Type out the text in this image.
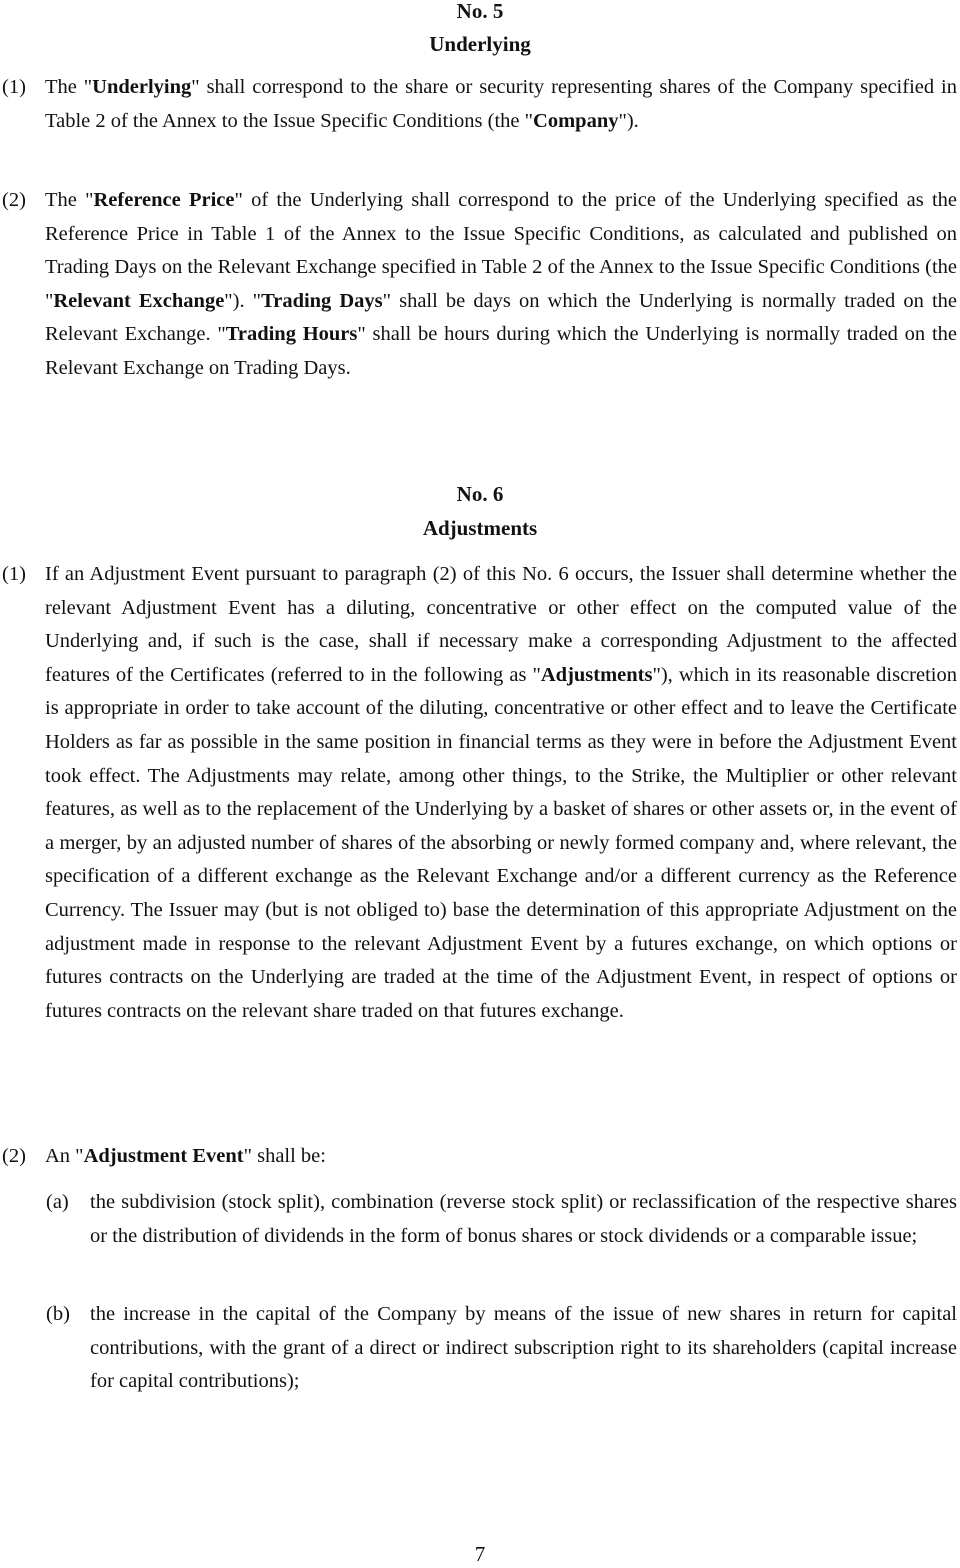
No. 5
Underlying
(1) The "Underlying" shall correspond to the share or security representing shares of the Company specified in Table 2 of the Annex to the Issue Specific Conditions (the "Company").
(2) The "Reference Price" of the Underlying shall correspond to the price of the Underlying specified as the Reference Price in Table 1 of the Annex to the Issue Specific Conditions, as calculated and published on Trading Days on the Relevant Exchange specified in Table 2 of the Annex to the Issue Specific Conditions (the "Relevant Exchange"). "Trading Days" shall be days on which the Underlying is normally traded on the Relevant Exchange. "Trading Hours" shall be hours during which the Underlying is normally traded on the Relevant Exchange on Trading Days.
No. 6
Adjustments
(1) If an Adjustment Event pursuant to paragraph (2) of this No. 6 occurs, the Issuer shall determine whether the relevant Adjustment Event has a diluting, concentrative or other effect on the computed value of the Underlying and, if such is the case, shall if necessary make a corresponding Adjustment to the affected features of the Certificates (referred to in the following as "Adjustments"), which in its reasonable discretion is appropriate in order to take account of the diluting, concentrative or other effect and to leave the Certificate Holders as far as possible in the same position in financial terms as they were in before the Adjustment Event took effect. The Adjustments may relate, among other things, to the Strike, the Multiplier or other relevant features, as well as to the replacement of the Underlying by a basket of shares or other assets or, in the event of a merger, by an adjusted number of shares of the absorbing or newly formed company and, where relevant, the specification of a different exchange as the Relevant Exchange and/or a different currency as the Reference Currency. The Issuer may (but is not obliged to) base the determination of this appropriate Adjustment on the adjustment made in response to the relevant Adjustment Event by a futures exchange, on which options or futures contracts on the Underlying are traded at the time of the Adjustment Event, in respect of options or futures contracts on the relevant share traded on that futures exchange.
(2) An "Adjustment Event" shall be:
(a) the subdivision (stock split), combination (reverse stock split) or reclassification of the respective shares or the distribution of dividends in the form of bonus shares or stock dividends or a comparable issue;
(b) the increase in the capital of the Company by means of the issue of new shares in return for capital contributions, with the grant of a direct or indirect subscription right to its shareholders (capital increase for capital contributions);
7
